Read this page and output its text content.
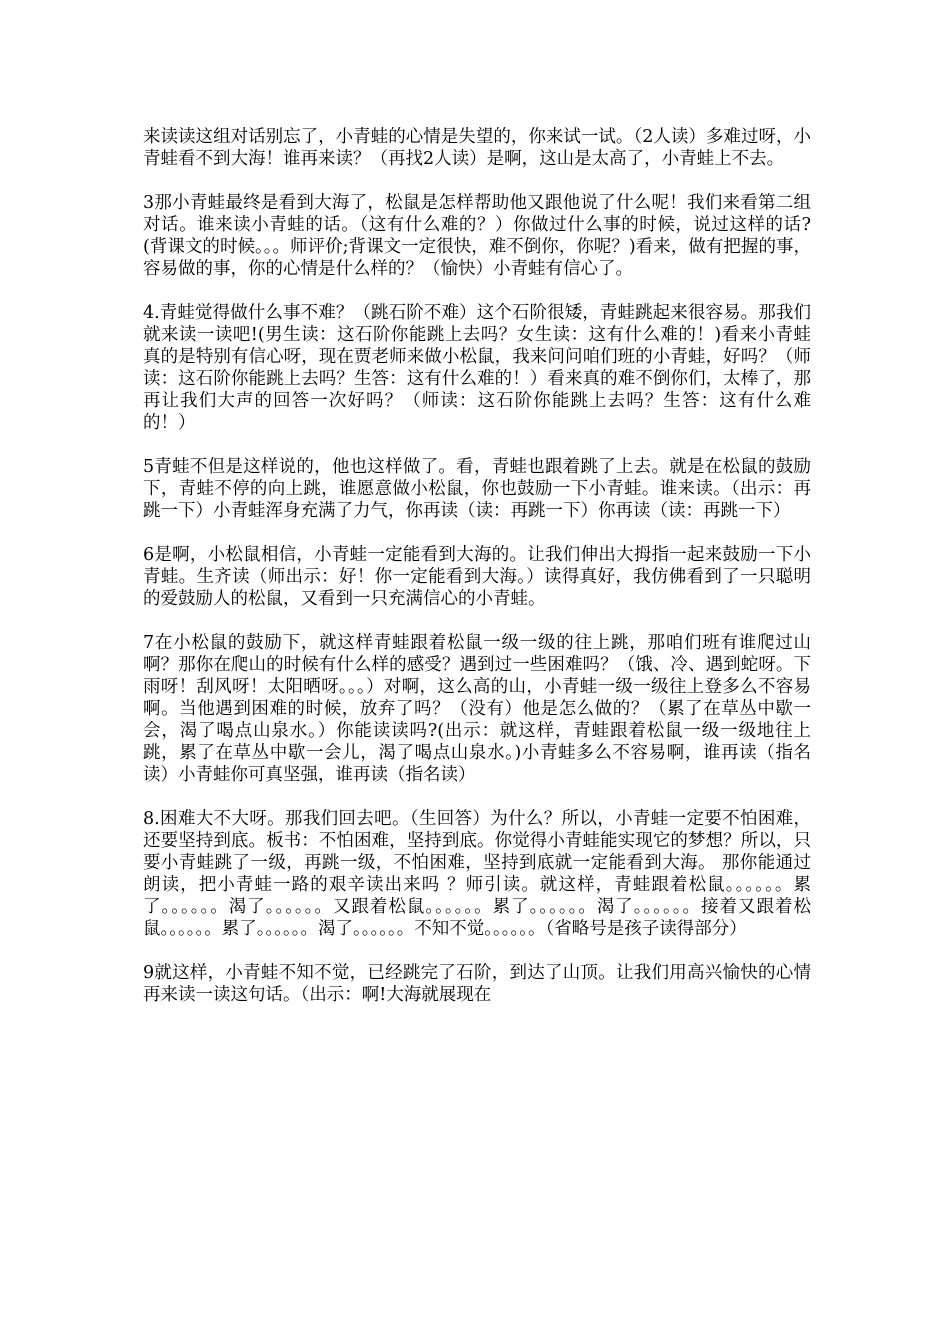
来读读这组对话别忘了，小青蛙的心情是失望的，你来试一试。（2人读）多难过呀，小青蛙看不到大海！谁再来读？（再找2人读）是啊，这山是太高了，小青蛙上不去。

3那小青蛙最终是看到大海了，松鼠是怎样帮助他又跟他说了什么呢！我们来看第二组对话。谁来读小青蛙的话。（这有什么难的？）你做过什么事的时候，说过这样的话?(背课文的时候。。。师评价;背课文一定很快，难不倒你，你呢？)看来，做有把握的事，容易做的事，你的心情是什么样的？（愉快）小青蛙有信心了。

4.青蛙觉得做什么事不难？（跳石阶不难）这个石阶很矮，青蛙跳起来很容易。那我们就来读一读吧!(男生读：这石阶你能跳上去吗？女生读：这有什么难的！)看来小青蛙真的是特别有信心呀，现在贾老师来做小松鼠，我来问问咱们班的小青蛙，好吗？（师读：这石阶你能跳上去吗？生答：这有什么难的！）看来真的难不倒你们，太棒了，那再让我们大声的回答一次好吗？（师读：这石阶你能跳上去吗？生答：这有什么难的！）

5青蛙不但是这样说的，他也这样做了。看，青蛙也跟着跳了上去。就是在松鼠的鼓励下，青蛙不停的向上跳，谁愿意做小松鼠，你也鼓励一下小青蛙。谁来读。（出示：再跳一下）小青蛙浑身充满了力气，你再读（读：再跳一下）你再读（读：再跳一下）

6是啊，小松鼠相信，小青蛙一定能看到大海的。让我们伸出大拇指一起来鼓励一下小青蛙。生齐读（师出示：好！你一定能看到大海。）读得真好，我仿佛看到了一只聪明的爱鼓励人的松鼠，又看到一只充满信心的小青蛙。

7在小松鼠的鼓励下，就这样青蛙跟着松鼠一级一级的往上跳，那咱们班有谁爬过山啊？那你在爬山的时候有什么样的感受？遇到过一些困难吗？（饿、冷、遇到蛇呀。下雨呀！刮风呀！太阳晒呀。。。）对啊，这么高的山，小青蛙一级一级往上登多么不容易啊。当他遇到困难的时候，放弃了吗？（没有）他是怎么做的？（累了在草丛中歇一会，渴了喝点山泉水。）你能读读吗?(出示：就这样，青蛙跟着松鼠一级一级地往上跳，累了在草丛中歇一会儿，渴了喝点山泉水。)小青蛙多么不容易啊，谁再读（指名读）小青蛙你可真坚强，谁再读（指名读）

8.困难大不大呀。那我们回去吧。（生回答）为什么？所以，小青蛙一定要不怕困难，还要坚持到底。板书：不怕困难，坚持到底。你觉得小青蛙能实现它的梦想？所以，只要小青蛙跳了一级，再跳一级，不怕困难，坚持到底就一定能看到大海。 那你能通过朗读，把小青蛙一路的艰辛读出来吗 ？师引读。就这样，青蛙跟着松鼠。。。。。。累了。。。。。。渴了。。。。。。又跟着松鼠。。。。。。累了。。。。。。渴了。。。。。。接着又跟着松鼠。。。。。。累了。。。。。。渴了。。。。。。不知不觉。。。。。。（省略号是孩子读得部分）

9就这样，小青蛙不知不觉，已经跳完了石阶，到达了山顶。让我们用高兴愉快的心情再来读一读这句话。（出示：啊!大海就展现在
